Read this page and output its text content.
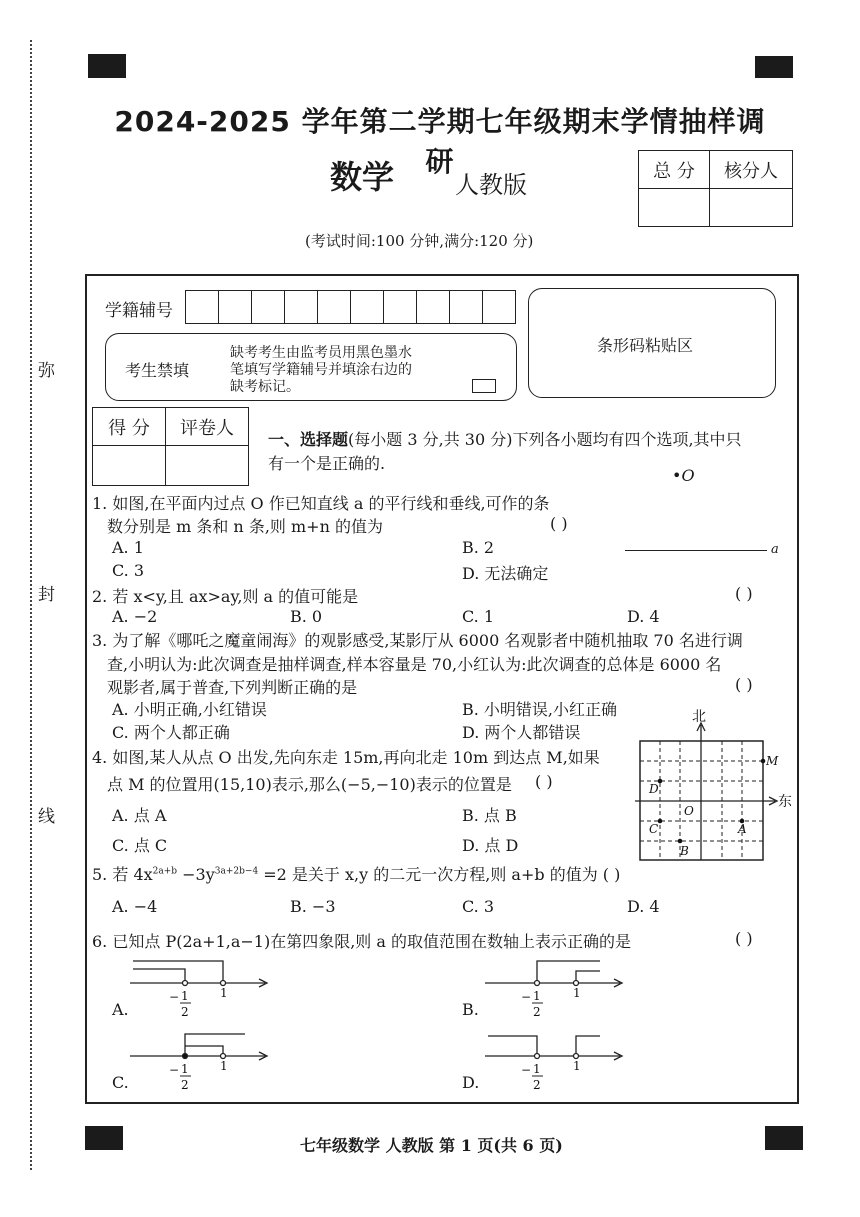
弥
封
线
2024-2025 学年第二学期七年级期末学情抽样调研
数学	人教版
(考试时间:100 分钟,满分:120 分)
总 分	核分人

学籍辅号
考生禁填
缺考考生由监考员用黑色墨水
笔填写学籍辅号并填涂右边的
缺考标记。
条形码粘贴区
得 分	评卷人

一、选择题(每小题 3 分,共 30 分)下列各小题均有四个选项,其中只
有一个是正确的.
1. 如图,在平面内过点 O 作已知直线 a 的平行线和垂线,可作的条
数分别是 m 条和 n 条,则 m+n 的值为	( )
A. 1	B. 2
C. 3	D. 无法确定
•O
a
2. 若 x<y,且 ax>ay,则 a 的值可能是	( )
A. −2	B. 0	C. 1	D. 4
3. 为了解《哪吒之魔童闹海》的观影感受,某影厅从 6000 名观影者中随机抽取 70 名进行调
查,小明认为:此次调查是抽样调查,样本容量是 70,小红认为:此次调查的总体是 6000 名
观影者,属于普查,下列判断正确的是	( )
A. 小明正确,小红错误	B. 小明错误,小红正确
C. 两个人都正确	D. 两个人都错误
4. 如图,某人从点 O 出发,先向东走 15m,再向北走 10m 到达点 M,如果
点 M 的位置用(15,10)表示,那么(−5,−10)表示的位置是 ( )
A. 点 A	B. 点 B
C. 点 C	D. 点 D
北
东
M
D
O
C	A
B
5. 若 $4x^{2a+b} -3y^{3a+2b-4} =2$ 是关于 x,y 的二元一次方程,则 a+b 的值为 ( )
A. −4	B. −3	C. 3	D. 4
6. 已知点 P(2a+1,a−1)在第四象限,则 a 的取值范围在数轴上表示正确的是	( )
A.	B.
C.	D.
− 1
2
1	− 1
2
1
− 1
2
1	− 1
2
1
七年级数学 人教版 第 1 页(共 6 页)
